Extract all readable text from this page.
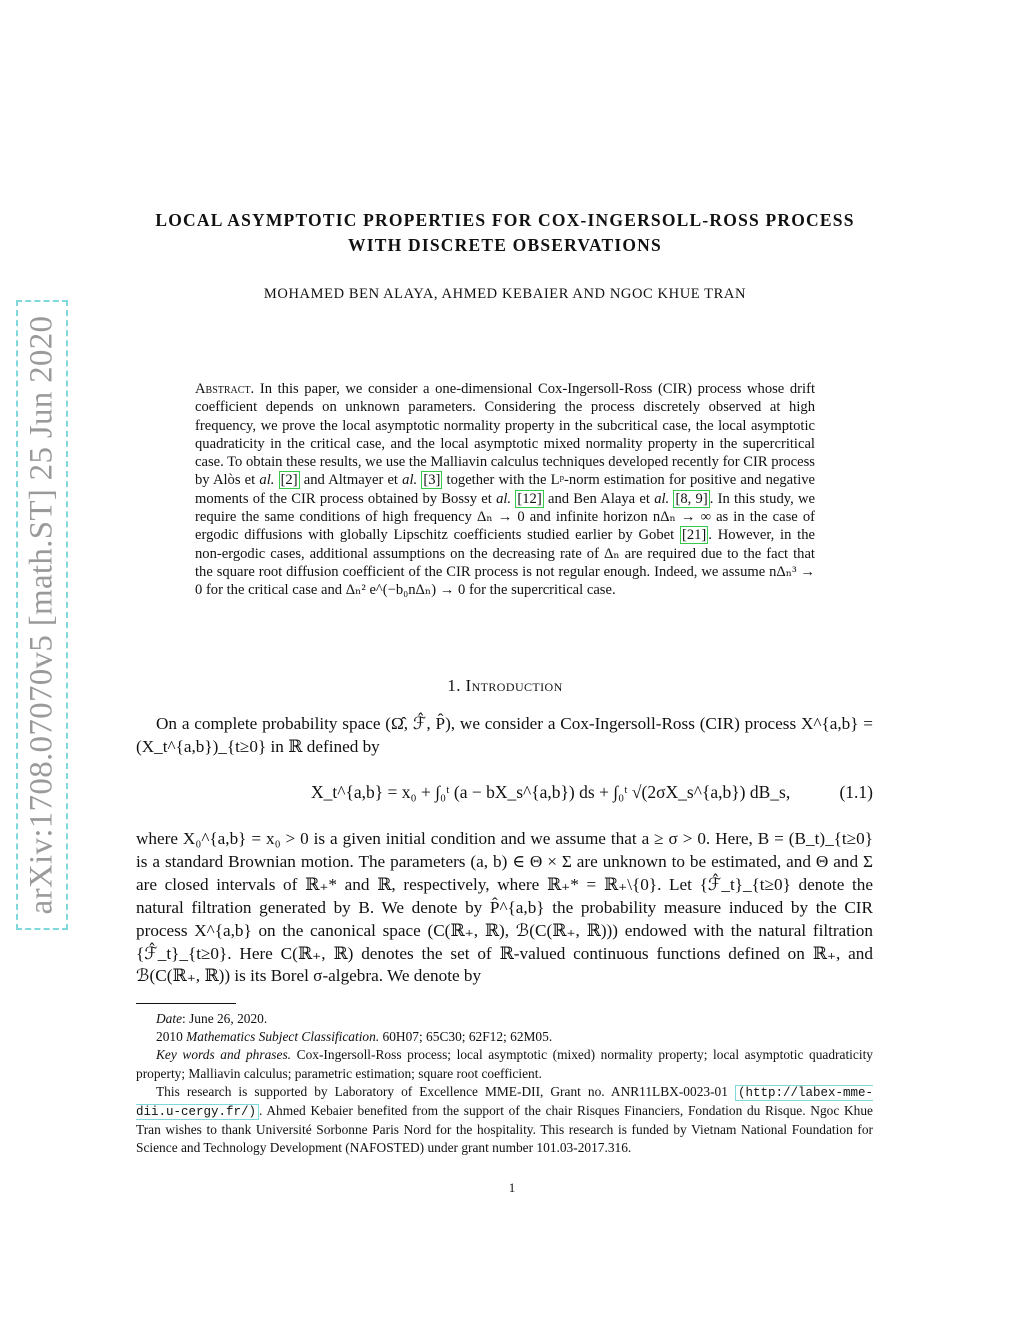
arXiv:1708.07070v5 [math.ST] 25 Jun 2020
LOCAL ASYMPTOTIC PROPERTIES FOR COX-INGERSOLL-ROSS PROCESS WITH DISCRETE OBSERVATIONS
MOHAMED BEN ALAYA, AHMED KEBAIER AND NGOC KHUE TRAN
Abstract. In this paper, we consider a one-dimensional Cox-Ingersoll-Ross (CIR) process whose drift coefficient depends on unknown parameters. Considering the process discretely observed at high frequency, we prove the local asymptotic normality property in the subcritical case, the local asymptotic quadraticity in the critical case, and the local asymptotic mixed normality property in the supercritical case. To obtain these results, we use the Malliavin calculus techniques developed recently for CIR process by Alòs et al. [2] and Altmayer et al. [3] together with the Lᵖ-norm estimation for positive and negative moments of the CIR process obtained by Bossy et al. [12] and Ben Alaya et al. [8, 9] . In this study, we require the same conditions of high frequency Δₙ → 0 and infinite horizon nΔₙ → ∞ as in the case of ergodic diffusions with globally Lipschitz coefficients studied earlier by Gobet [21] . However, in the non-ergodic cases, additional assumptions on the decreasing rate of Δₙ are required due to the fact that the square root diffusion coefficient of the CIR process is not regular enough. Indeed, we assume nΔₙ³ → 0 for the critical case and Δₙ² e^(−b₀nΔₙ) → 0 for the supercritical case.
1. Introduction
On a complete probability space (Ω̂, ℱ̂, P̂), we consider a Cox-Ingersoll-Ross (CIR) process X^{a,b} = (X_t^{a,b})_{t≥0} in ℝ defined by
X_t^{a,b} = x₀ + ∫₀ᵗ (a − bX_s^{a,b}) ds + ∫₀ᵗ √(2σX_s^{a,b}) dB_s,	(1.1)
where X₀^{a,b} = x₀ > 0 is a given initial condition and we assume that a ≥ σ > 0. Here, B = (B_t)_{t≥0} is a standard Brownian motion. The parameters (a, b) ∈ Θ × Σ are unknown to be estimated, and Θ and Σ are closed intervals of ℝ₊* and ℝ, respectively, where ℝ₊* = ℝ₊\{0}. Let {ℱ̂_t}_{t≥0} denote the natural filtration generated by B. We denote by P̂^{a,b} the probability measure induced by the CIR process X^{a,b} on the canonical space (C(ℝ₊, ℝ), ℬ(C(ℝ₊, ℝ))) endowed with the natural filtration {ℱ̂_t}_{t≥0}. Here C(ℝ₊, ℝ) denotes the set of ℝ-valued continuous functions defined on ℝ₊, and ℬ(C(ℝ₊, ℝ)) is its Borel σ-algebra. We denote by

Date: June 26, 2020.

2010 Mathematics Subject Classification. 60H07; 65C30; 62F12; 62M05.

Key words and phrases. Cox-Ingersoll-Ross process; local asymptotic (mixed) normality property; local asymptotic quadraticity property; Malliavin calculus; parametric estimation; square root coefficient.

This research is supported by Laboratory of Excellence MME-DII, Grant no. ANR11LBX-0023-01 (http://labex-mme-dii.u-cergy.fr/) . Ahmed Kebaier benefited from the support of the chair Risques Financiers, Fondation du Risque. Ngoc Khue Tran wishes to thank Université Sorbonne Paris Nord for the hospitality. This research is funded by Vietnam National Foundation for Science and Technology Development (NAFOSTED) under grant number 101.03-2017.316.

1
